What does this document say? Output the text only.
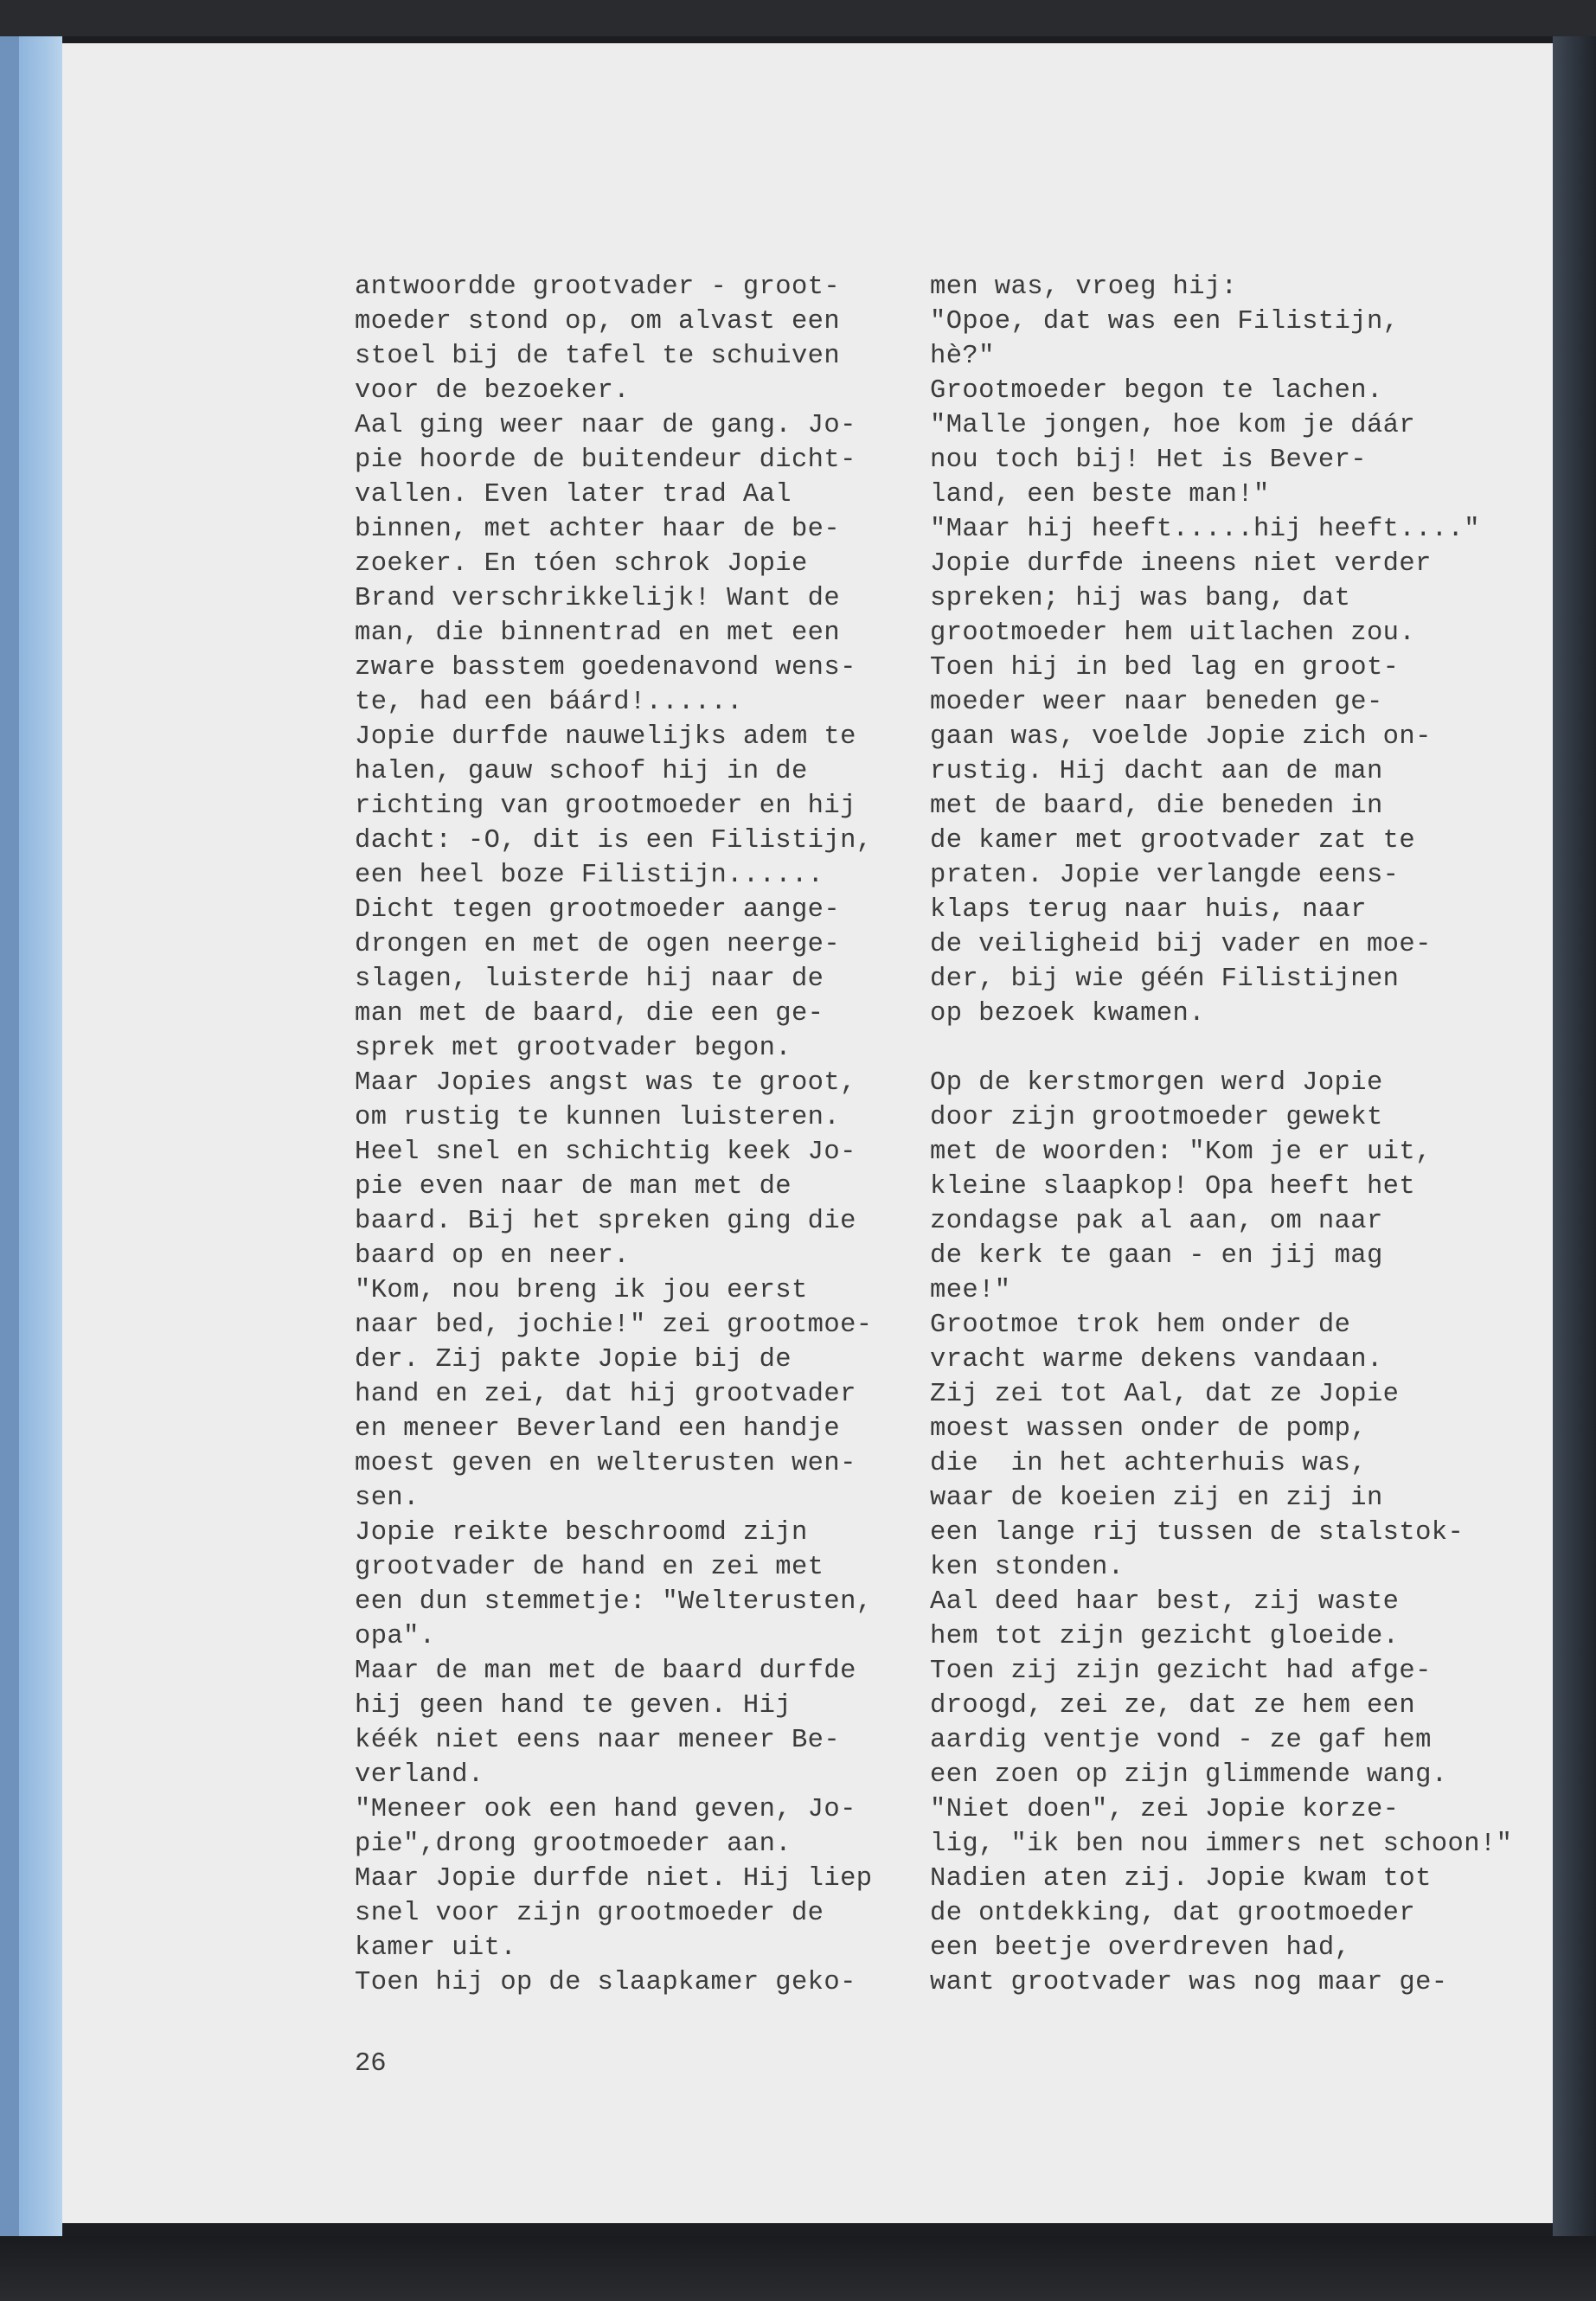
antwoordde grootvader - groot-
moeder stond op, om alvast een
stoel bij de tafel te schuiven
voor de bezoeker.
Aal ging weer naar de gang. Jo-
pie hoorde de buitendeur dicht-
vallen. Even later trad Aal
binnen, met achter haar de be-
zoeker. En tóen schrok Jopie
Brand verschrikkelijk! Want de
man, die binnentrad en met een
zware basstem goedenavond wens-
te, had een báárd!......
Jopie durfde nauwelijks adem te
halen, gauw schoof hij in de
richting van grootmoeder en hij
dacht: -O, dit is een Filistijn,
een heel boze Filistijn......
Dicht tegen grootmoeder aange-
drongen en met de ogen neerge-
slagen, luisterde hij naar de
man met de baard, die een ge-
sprek met grootvader begon.
Maar Jopies angst was te groot,
om rustig te kunnen luisteren.
Heel snel en schichtig keek Jo-
pie even naar de man met de
baard. Bij het spreken ging die
baard op en neer.
"Kom, nou breng ik jou eerst
naar bed, jochie!" zei grootmoe-
der. Zij pakte Jopie bij de
hand en zei, dat hij grootvader
en meneer Beverland een handje
moest geven en welterusten wen-
sen.
Jopie reikte beschroomd zijn
grootvader de hand en zei met
een dun stemmetje: "Welterusten,
opa".
Maar de man met de baard durfde
hij geen hand te geven. Hij
kéék niet eens naar meneer Be-
verland.
"Meneer ook een hand geven, Jo-
pie",drong grootmoeder aan.
Maar Jopie durfde niet. Hij liep
snel voor zijn grootmoeder de
kamer uit.
Toen hij op de slaapkamer geko-
men was, vroeg hij:
"Opoe, dat was een Filistijn,
hè?"
Grootmoeder begon te lachen.
"Malle jongen, hoe kom je dáár
nou toch bij! Het is Bever-
land, een beste man!"
"Maar hij heeft.....hij heeft...."
Jopie durfde ineens niet verder
spreken; hij was bang, dat
grootmoeder hem uitlachen zou.
Toen hij in bed lag en groot-
moeder weer naar beneden ge-
gaan was, voelde Jopie zich on-
rustig. Hij dacht aan de man
met de baard, die beneden in
de kamer met grootvader zat te
praten. Jopie verlangde eens-
klaps terug naar huis, naar
de veiligheid bij vader en moe-
der, bij wie géén Filistijnen
op bezoek kwamen.
Op de kerstmorgen werd Jopie
door zijn grootmoeder gewekt
met de woorden: "Kom je er uit,
kleine slaapkop! Opa heeft het
zondagse pak al aan, om naar
de kerk te gaan - en jij mag
mee!"
Grootmoe trok hem onder de
vracht warme dekens vandaan.
Zij zei tot Aal, dat ze Jopie
moest wassen onder de pomp,
die  in het achterhuis was,
waar de koeien zij en zij in
een lange rij tussen de stalstok-
ken stonden.
Aal deed haar best, zij waste
hem tot zijn gezicht gloeide.
Toen zij zijn gezicht had afge-
droogd, zei ze, dat ze hem een
aardig ventje vond - ze gaf hem
een zoen op zijn glimmende wang.
"Niet doen", zei Jopie korze-
lig, "ik ben nou immers net schoon!"
Nadien aten zij. Jopie kwam tot
de ontdekking, dat grootmoeder
een beetje overdreven had,
want grootvader was nog maar ge-
26
